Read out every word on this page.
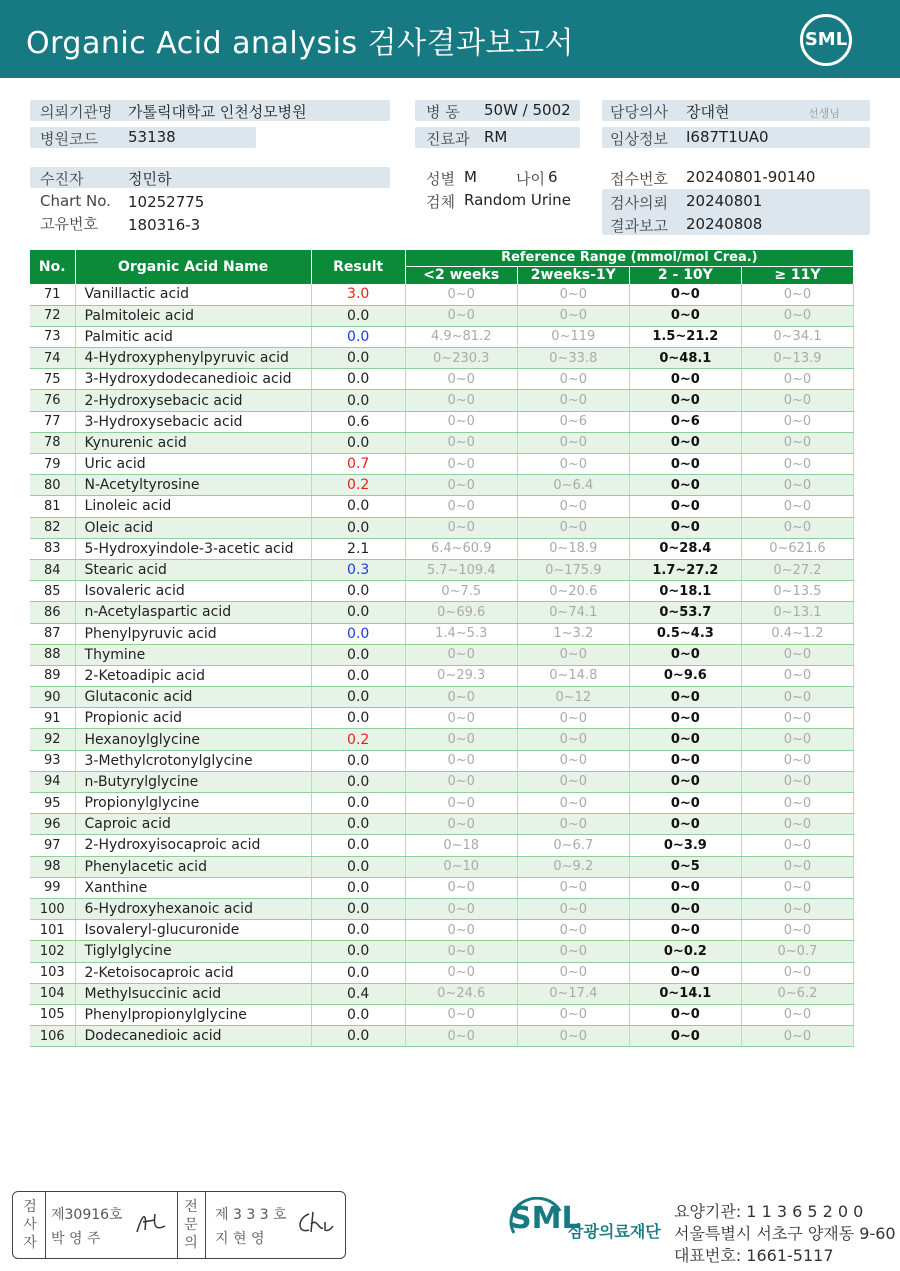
Organic Acid analysis 검사결과보고서	SML
의뢰기관명 가톨릭대학교 인천성모병원
병원코드 53138
병 동 50W / 5002
진료과 RM
담당의사 장대현	선생님
임상정보 I687T1UA0
수진자	정민하
Chart No. 10252775
고유번호 180316-3
성별 M	나이 6
검체 Random Urine
접수번호 20240801-90140
검사의뢰 20240801
결과보고 20240808
No.	Organic Acid Name	Result	Reference Range (mmol/mol Crea.)			
			<2 weeks	2weeks-1Y	2 - 10Y	≥ 11Y
71	Vanillactic acid	3.0	0~0	0~0	0~0	0~0
72	Palmitoleic acid	0.0	0~0	0~0	0~0	0~0
73	Palmitic acid	0.0	4.9~81.2	0~119	1.5~21.2	0~34.1
74	4-Hydroxyphenylpyruvic acid	0.0	0~230.3	0~33.8	0~48.1	0~13.9
75	3-Hydroxydodecanedioic acid	0.0	0~0	0~0	0~0	0~0
76	2-Hydroxysebacic acid	0.0	0~0	0~0	0~0	0~0
77	3-Hydroxysebacic acid	0.6	0~0	0~6	0~6	0~0
78	Kynurenic acid	0.0	0~0	0~0	0~0	0~0
79	Uric acid	0.7	0~0	0~0	0~0	0~0
80	N-Acetyltyrosine	0.2	0~0	0~6.4	0~0	0~0
81	Linoleic acid	0.0	0~0	0~0	0~0	0~0
82	Oleic acid	0.0	0~0	0~0	0~0	0~0
83	5-Hydroxyindole-3-acetic acid	2.1	6.4~60.9	0~18.9	0~28.4	0~621.6
84	Stearic acid	0.3	5.7~109.4	0~175.9	1.7~27.2	0~27.2
85	Isovaleric acid	0.0	0~7.5	0~20.6	0~18.1	0~13.5
86	n-Acetylaspartic acid	0.0	0~69.6	0~74.1	0~53.7	0~13.1
87	Phenylpyruvic acid	0.0	1.4~5.3	1~3.2	0.5~4.3	0.4~1.2
88	Thymine	0.0	0~0	0~0	0~0	0~0
89	2-Ketoadipic acid	0.0	0~29.3	0~14.8	0~9.6	0~0
90	Glutaconic acid	0.0	0~0	0~12	0~0	0~0
91	Propionic acid	0.0	0~0	0~0	0~0	0~0
92	Hexanoylglycine	0.2	0~0	0~0	0~0	0~0
93	3-Methylcrotonylglycine	0.0	0~0	0~0	0~0	0~0
94	n-Butyrylglycine	0.0	0~0	0~0	0~0	0~0
95	Propionylglycine	0.0	0~0	0~0	0~0	0~0
96	Caproic acid	0.0	0~0	0~0	0~0	0~0
97	2-Hydroxyisocaproic acid	0.0	0~18	0~6.7	0~3.9	0~0
98	Phenylacetic acid	0.0	0~10	0~9.2	0~5	0~0
99	Xanthine	0.0	0~0	0~0	0~0	0~0
100	6-Hydroxyhexanoic acid	0.0	0~0	0~0	0~0	0~0
101	Isovaleryl-glucuronide	0.0	0~0	0~0	0~0	0~0
102	Tiglylglycine	0.0	0~0	0~0	0~0.2	0~0.7
103	2-Ketoisocaproic acid	0.0	0~0	0~0	0~0	0~0
104	Methylsuccinic acid	0.4	0~24.6	0~17.4	0~14.1	0~6.2
105	Phenylpropionylglycine	0.0	0~0	0~0	0~0	0~0
106	Dodecanedioic acid	0.0	0~0	0~0	0~0	0~0
검사자
제30916호
박 영 주
전문의
제 3 3 3 호
지 현 영
SML
삼광의료재단
요양기관: 1 1 3 6 5 2 0 0
서울특별시 서초구 양재동 9-60
대표번호: 1661-5117
